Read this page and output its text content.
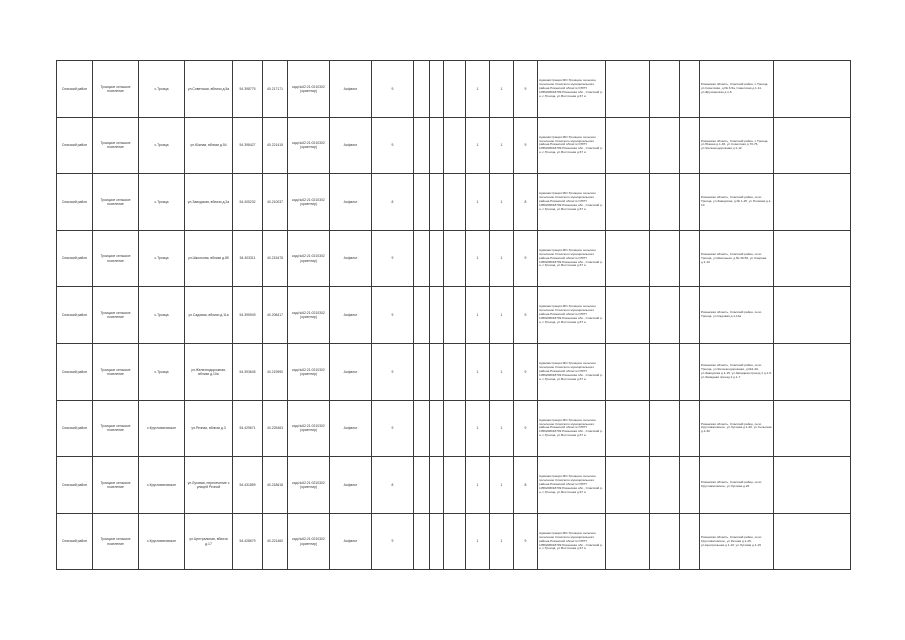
Спасский район	Троицкое сельское поселение	с.Троица	ул.Советская, вблизи д.5а	54.398775	40.217171	кад.№62:21:0210302 (ориентир)	Асфальт	9				1	1	9	Администрация МО-Троицкое сельское поселение Спасского муниципального района Рязанской области ОГРН 1056208018709 Рязанская обл., Спасский р-н, с.Троица, ул.Восточная д.67 а				Рязанская область, Спасский район, с.Троица, ул.Советская, д.№ 3-5а, Советская д.1-11, ул.Фрунзенская д.1-6	
Спасский район	Троицкое сельское поселение	с.Троица	ул.Южная, вблизи д.54	54.398427	40.221415	кад.№62:21:0210302 (ориентир)	Асфальт	9				1	1	9	Администрация МО-Троицкое сельское поселение Спасского муниципального района Рязанской области ОГРН 1056208018709 Рязанская обл., Спасский р-н, с.Троица, ул.Восточная д.67 а				Рязанская область, Спасский район, с.Троица, ул.Южная д.1-46, ул.Советская д.70-76, ул.Железнодорожная д.1-12	
Спасский район	Троицкое сельское поселение	с.Троица	ул.Заводская, вблизи д.2а	54.405232	40.210037	кад.№62:21:0210302 (ориентир)	Асфальт	8				1	1	8	Администрация МО-Троицкое сельское поселение Спасского муниципального района Рязанской области ОГРН 1056208018709 Рязанская обл., Спасский р-н, с.Троица, ул.Восточная д.67 а				Рязанская область, Спасский район, село Троица, ул.Заводская, д.№ 1-25, ул.Полевая д.1-10	
Спасский район	Троицкое сельское поселение	с.Троица	ул.Школьная, вблизи д.8б	54.403311	40.215478	кад.№62:21:0210302 (ориентир)	Асфальт	9				1	1	9	Администрация МО-Троицкое сельское поселение Спасского муниципального района Рязанской области ОГРН 1056208018709 Рязанская обл., Спасский р-н, с.Троица, ул.Восточная д.67 а				Рязанская область, Спасский район, село Троица, ул.Школьная, д.№ 30-56, ул.Озерная д.1-10	
Спасский район	Троицкое сельское поселение	с.Троица	ул.Садовая, вблизи д.11а	54.395949	40.208417	кад.№62:21:0210302 (ориентир)	Асфальт	9				1	1	9	Администрация МО-Троицкое сельское поселение Спасского муниципального района Рязанской области ОГРН 1056208018709 Рязанская обл., Спасский р-н, с.Троица, ул.Восточная д.67 а				Рязанская область, Спасский район, село Троица, ул.Садовая д.1-14а	
Спасский район	Троицкое сельское поселение	с.Троица	ул.Железнодорожная, вблизи д.10а	54.393645	40.219590	кад.№62:21:0210302 (ориентир)	Асфальт	9				1	1	9	Администрация МО-Троицкое сельское поселение Спасского муниципального района Рязанской области ОГРН 1056208018709 Рязанская обл., Спасский р-н, с.Троица, ул.Восточная д.67 а				Рязанская область, Спасский район, село Троица, ул.Железнодорожная, д.№1-20, ул.Заводская д.1-15, ул.Западная проезд 1 д.1-5, ул.Западная проезд 2 д.1-7	
Спасский район	Троицкое сельское поселение	с.Кругловатовское	ул.Речная, вблизи д.3	54.429671	40.225463	кад.№62:21:0210302 (ориентир)	Асфальт	9				1	1	9	Администрация МО-Троицкое сельское поселение Спасского муниципального района Рязанской области ОГРН 1056208018709 Рязанская обл., Спасский р-н, с.Троица, ул.Восточная д.67 а				Рязанская область, Спасский район, село Кругловатовское, ул.Луговая д.1-20, ул.Сельская д.1-30	
Спасский район	Троицкое сельское поселение	с.Кругловатовское	ул.Луговая, пересечение с улицей Речной	54.431859	40.218618	кад.№62:21:0210302 (ориентир)	Асфальт	8				1	1	8	Администрация МО-Троицкое сельское поселение Спасского муниципального района Рязанской области ОГРН 1056208018709 Рязанская обл., Спасский р-н, с.Троица, ул.Восточная д.67 а				Рязанская область, Спасский район, село Кругловатовское, ул.Луговая д.26	
Спасский район	Троицкое сельское поселение	с.Кругловатовское	ул.Центральная, вблизи д.17	54.428679	40.221460	кад.№62:21:0210302 (ориентир)	Асфальт	9				1	1	9	Администрация МО-Троицкое сельское поселение Спасского муниципального района Рязанской области ОГРН 1056208018709 Рязанская обл., Спасский р-н, с.Троица, ул.Восточная д.67 а				Рязанская область, Спасский район, село Кругловатовское, ул.Речная д.1-26, ул.Центральная д.1-16, ул.Луговая д.1-15	
